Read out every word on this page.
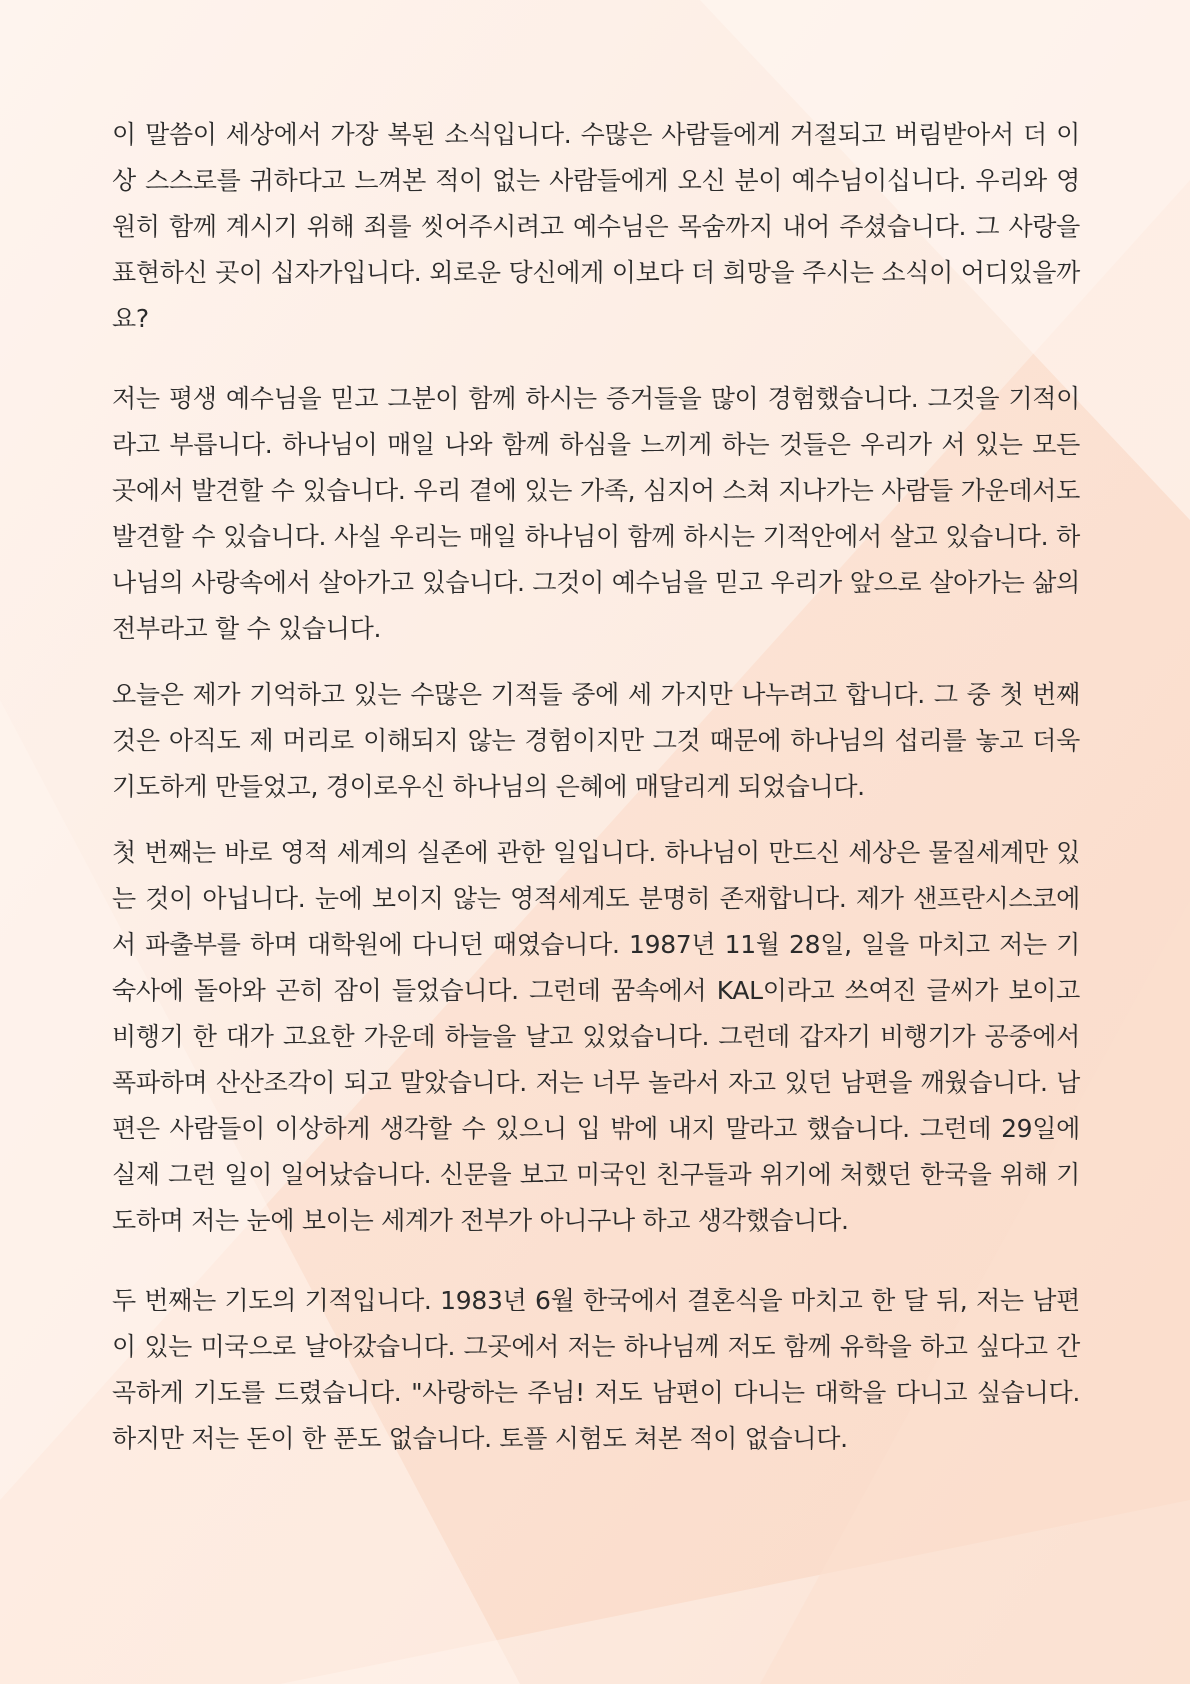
이 말씀이 세상에서 가장 복된 소식입니다. 수많은 사람들에게 거절되고 버림받아서 더 이상 스스로를 귀하다고 느껴본 적이 없는 사람들에게 오신 분이 예수님이십니다. 우리와 영원히 함께 계시기 위해 죄를 씻어주시려고 예수님은 목숨까지 내어 주셨습니다. 그 사랑을 표현하신 곳이 십자가입니다. 외로운 당신에게 이보다 더 희망을 주시는 소식이 어디있을까요?

저는 평생 예수님을 믿고 그분이 함께 하시는 증거들을 많이 경험했습니다. 그것을 기적이라고 부릅니다. 하나님이 매일 나와 함께 하심을 느끼게 하는 것들은 우리가 서 있는 모든 곳에서 발견할 수 있습니다. 우리 곁에 있는 가족, 심지어 스쳐 지나가는 사람들 가운데서도 발견할 수 있습니다. 사실 우리는 매일 하나님이 함께 하시는 기적안에서 살고 있습니다. 하나님의 사랑속에서 살아가고 있습니다. 그것이 예수님을 믿고 우리가 앞으로 살아가는 삶의 전부라고 할 수 있습니다.

오늘은 제가 기억하고 있는 수많은 기적들 중에 세 가지만 나누려고 합니다. 그 중 첫 번째 것은 아직도 제 머리로 이해되지 않는 경험이지만 그것 때문에 하나님의 섭리를 놓고 더욱 기도하게 만들었고, 경이로우신 하나님의 은혜에 매달리게 되었습니다.

첫 번째는 바로 영적 세계의 실존에 관한 일입니다. 하나님이 만드신 세상은 물질세계만 있는 것이 아닙니다. 눈에 보이지 않는 영적세계도 분명히 존재합니다. 제가 샌프란시스코에서 파출부를 하며 대학원에 다니던 때였습니다. 1987년 11월 28일, 일을 마치고 저는 기숙사에 돌아와 곤히 잠이 들었습니다. 그런데 꿈속에서 KAL이라고 쓰여진 글씨가 보이고 비행기 한 대가 고요한 가운데 하늘을 날고 있었습니다. 그런데 갑자기 비행기가 공중에서 폭파하며 산산조각이 되고 말았습니다. 저는 너무 놀라서 자고 있던 남편을 깨웠습니다. 남편은 사람들이 이상하게 생각할 수 있으니 입 밖에 내지 말라고 했습니다. 그런데 29일에 실제 그런 일이 일어났습니다. 신문을 보고 미국인 친구들과 위기에 처했던 한국을 위해 기도하며 저는 눈에 보이는 세계가 전부가 아니구나 하고 생각했습니다.

두 번째는 기도의 기적입니다. 1983년 6월 한국에서 결혼식을 마치고 한 달 뒤, 저는 남편이 있는 미국으로 날아갔습니다. 그곳에서 저는 하나님께 저도 함께 유학을 하고 싶다고 간곡하게 기도를 드렸습니다. "사랑하는 주님! 저도 남편이 다니는 대학을 다니고 싶습니다. 하지만 저는 돈이 한 푼도 없습니다. 토플 시험도 쳐본 적이 없습니다.
